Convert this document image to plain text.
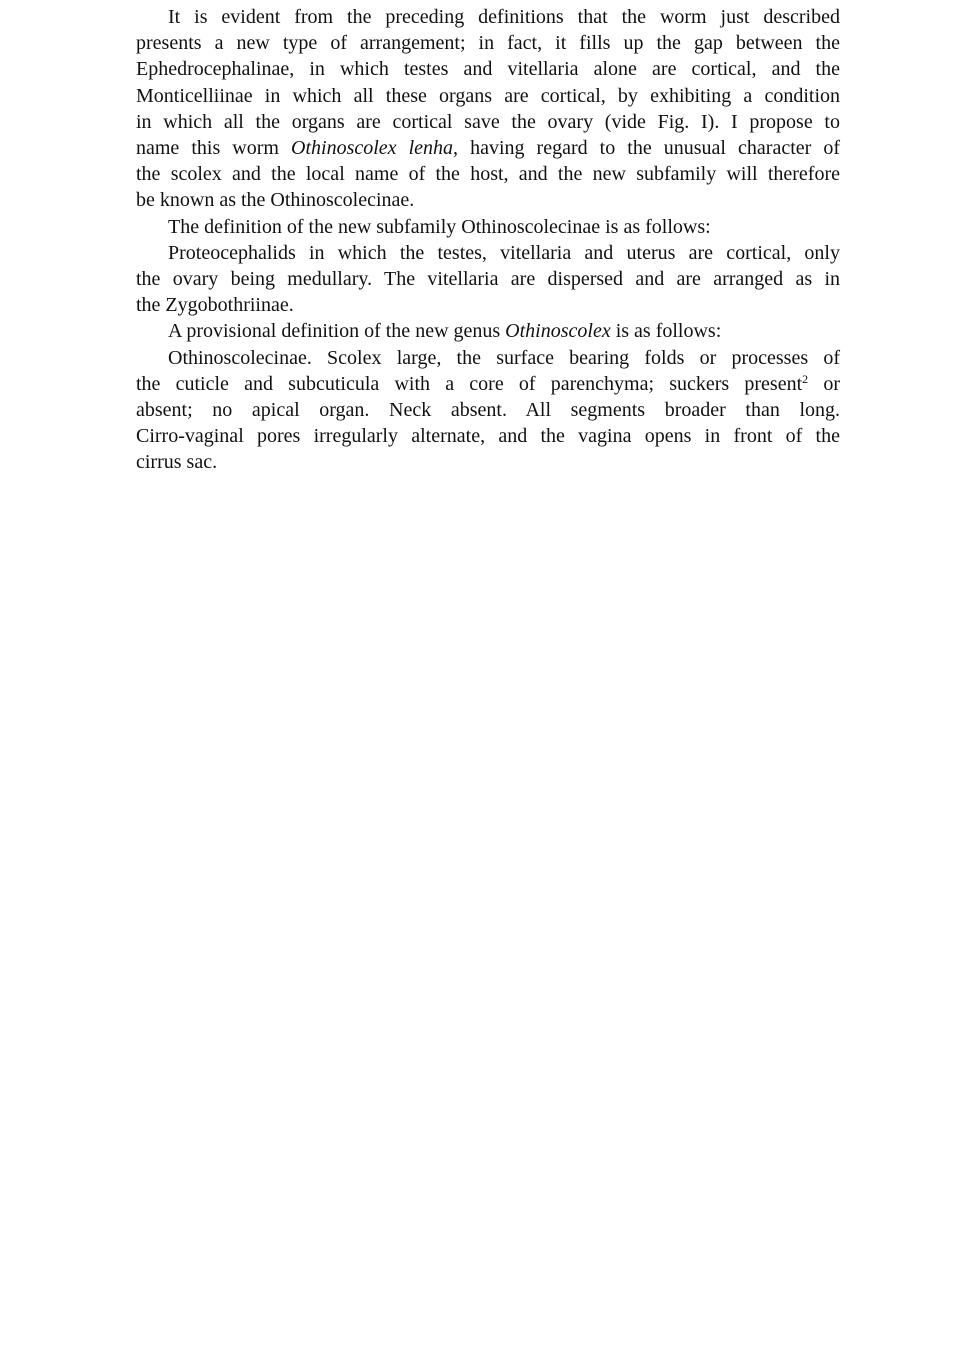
It is evident from the preceding definitions that the worm just described
presents a new type of arrangement; in fact, it fills up the gap between the
Ephedrocephalinae, in which testes and vitellaria alone are cortical, and the
Monticelliinae in which all these organs are cortical, by exhibiting a condition
in which all the organs are cortical save the ovary (vide Fig. I). I propose to
name this worm Othinoscolex lenha, having regard to the unusual character of
the scolex and the local name of the host, and the new subfamily will therefore
be known as the Othinoscolecinae.
The definition of the new subfamily Othinoscolecinae is as follows:
Proteocephalids in which the testes, vitellaria and uterus are cortical, only
the ovary being medullary. The vitellaria are dispersed and are arranged as in
the Zygobothriinae.
A provisional definition of the new genus Othinoscolex is as follows:
Othinoscolecinae. Scolex large, the surface bearing folds or processes of
the cuticle and subcuticula with a core of parenchyma; suckers present$^2$ or
absent; no apical organ. Neck absent. All segments broader than long.
Cirro-vaginal pores irregularly alternate, and the vagina opens in front of the
cirrus sac.
